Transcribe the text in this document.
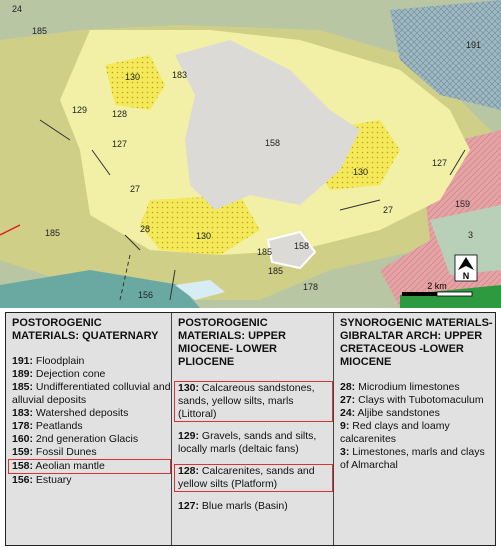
24
185
191
130	183
129	128
127	158
130
127
27
27
159
185	28
130
158
185
3
156
178
185	N
2 km

POSTOROGENIC MATERIALS: QUATERNARY

191: Floodplain

189: Dejection cone

185: Undifferentiated colluvial and alluvial deposits

183: Watershed deposits

178: Peatlands

160: 2nd generation Glacis

159: Fossil Dunes

158: Aeolian mantle

156: Estuary

POSTOROGENIC MATERIALS: UPPER MIOCENE- LOWER PLIOCENE

130: Calcareous sandstones, sands, yellow silts, marls (Littoral)

129: Gravels, sands and silts, locally marls (deltaic fans)

128: Calcarenites, sands and yellow silts (Platform)

127: Blue marls (Basin)

SYNOROGENIC MATERIALS-GIBRALTAR ARCH: UPPER CRETACEOUS -LOWER MIOCENE

28: Microdium limestones

27: Clays with Tubotomaculum

24: Aljibe sandstones

9: Red clays and loamy calcarenites

3: Limestones, marls and clays of Almarchal
